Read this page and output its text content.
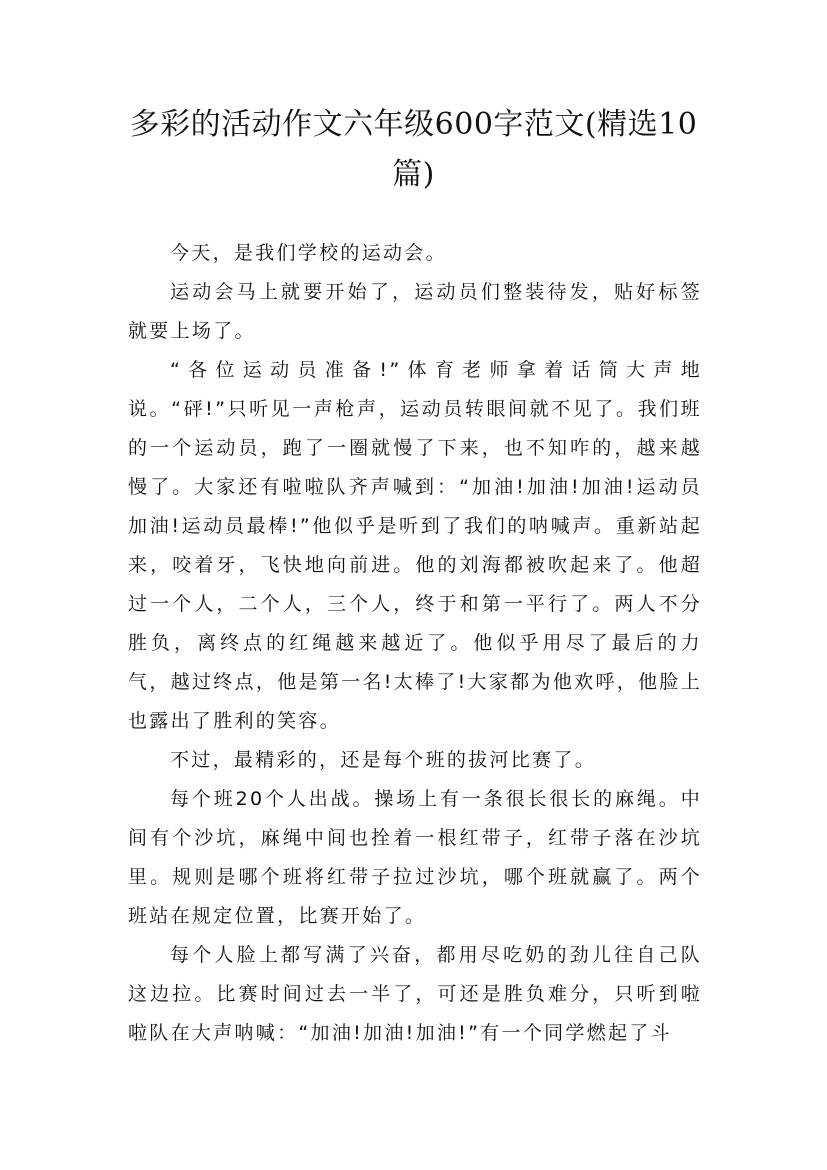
多彩的活动作文六年级600字范文(精选10篇)

今天，是我们学校的运动会。

运动会马上就要开始了，运动员们整装待发，贴好标签就要上场了。

“各位运动员准备!”体育老师拿着话筒大声地说。“砰!”只听见一声枪声，运动员转眼间就不见了。我们班的一个运动员，跑了一圈就慢了下来，也不知咋的，越来越慢了。大家还有啦啦队齐声喊到：“加油!加油!加油!运动员加油!运动员最棒!”他似乎是听到了我们的呐喊声。重新站起来，咬着牙，飞快地向前进。他的刘海都被吹起来了。他超过一个人，二个人，三个人，终于和第一平行了。两人不分胜负，离终点的红绳越来越近了。他似乎用尽了最后的力气，越过终点，他是第一名!太棒了!大家都为他欢呼，他脸上也露出了胜利的笑容。

不过，最精彩的，还是每个班的拔河比赛了。

每个班20个人出战。操场上有一条很长很长的麻绳。中间有个沙坑，麻绳中间也拴着一根红带子，红带子落在沙坑里。规则是哪个班将红带子拉过沙坑，哪个班就赢了。两个班站在规定位置，比赛开始了。

每个人脸上都写满了兴奋，都用尽吃奶的劲儿往自己队这边拉。比赛时间过去一半了，可还是胜负难分，只听到啦啦队在大声呐喊：“加油!加油!加油!”有一个同学燃起了斗
